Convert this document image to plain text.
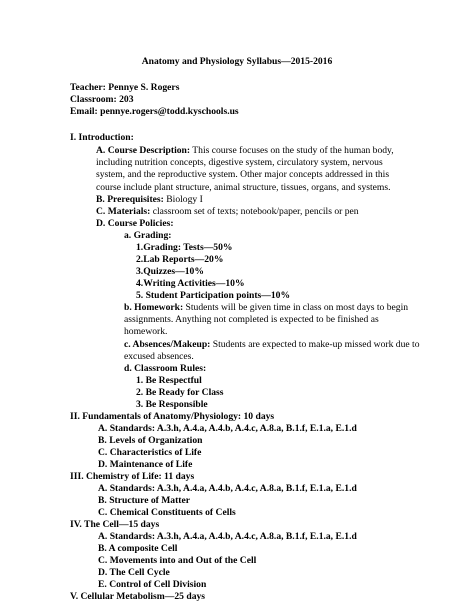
Anatomy and Physiology Syllabus—2015-2016
Teacher: Pennye S. Rogers
Classroom: 203
Email: pennye.rogers@todd.kyschools.us
I. Introduction:
A. Course Description: This course focuses on the study of the human body, including nutrition concepts, digestive system, circulatory system, nervous system, and the reproductive system. Other major concepts addressed in this course include plant structure, animal structure, tissues, organs, and systems.
B. Prerequisites: Biology I
C. Materials: classroom set of texts; notebook/paper, pencils or pen
D. Course Policies:
a. Grading:
1.Grading: Tests—50%
2.Lab Reports—20%
3.Quizzes—10%
4.Writing Activities—10%
5. Student Participation points—10%
b. Homework: Students will be given time in class on most days to begin assignments. Anything not completed is expected to be finished as homework.
c. Absences/Makeup: Students are expected to make-up missed work due to excused absences.
d. Classroom Rules:
1. Be Respectful
2. Be Ready for Class
3. Be Responsible
II. Fundamentals of Anatomy/Physiology: 10 days
A. Standards: A.3.h, A.4.a, A.4.b, A.4.c, A.8.a, B.1.f, E.1.a, E.1.d
B. Levels of Organization
C. Characteristics of Life
D. Maintenance of Life
III. Chemistry of Life: 11 days
A. Standards: A.3.h, A.4.a, A.4.b, A.4.c, A.8.a, B.1.f, E.1.a, E.1.d
B. Structure of Matter
C. Chemical Constituents of Cells
IV. The Cell—15 days
A. Standards: A.3.h, A.4.a, A.4.b, A.4.c, A.8.a, B.1.f, E.1.a, E.1.d
B. A composite Cell
C. Movements into and Out of the Cell
D. The Cell Cycle
E. Control of Cell Division
V. Cellular Metabolism—25 days
